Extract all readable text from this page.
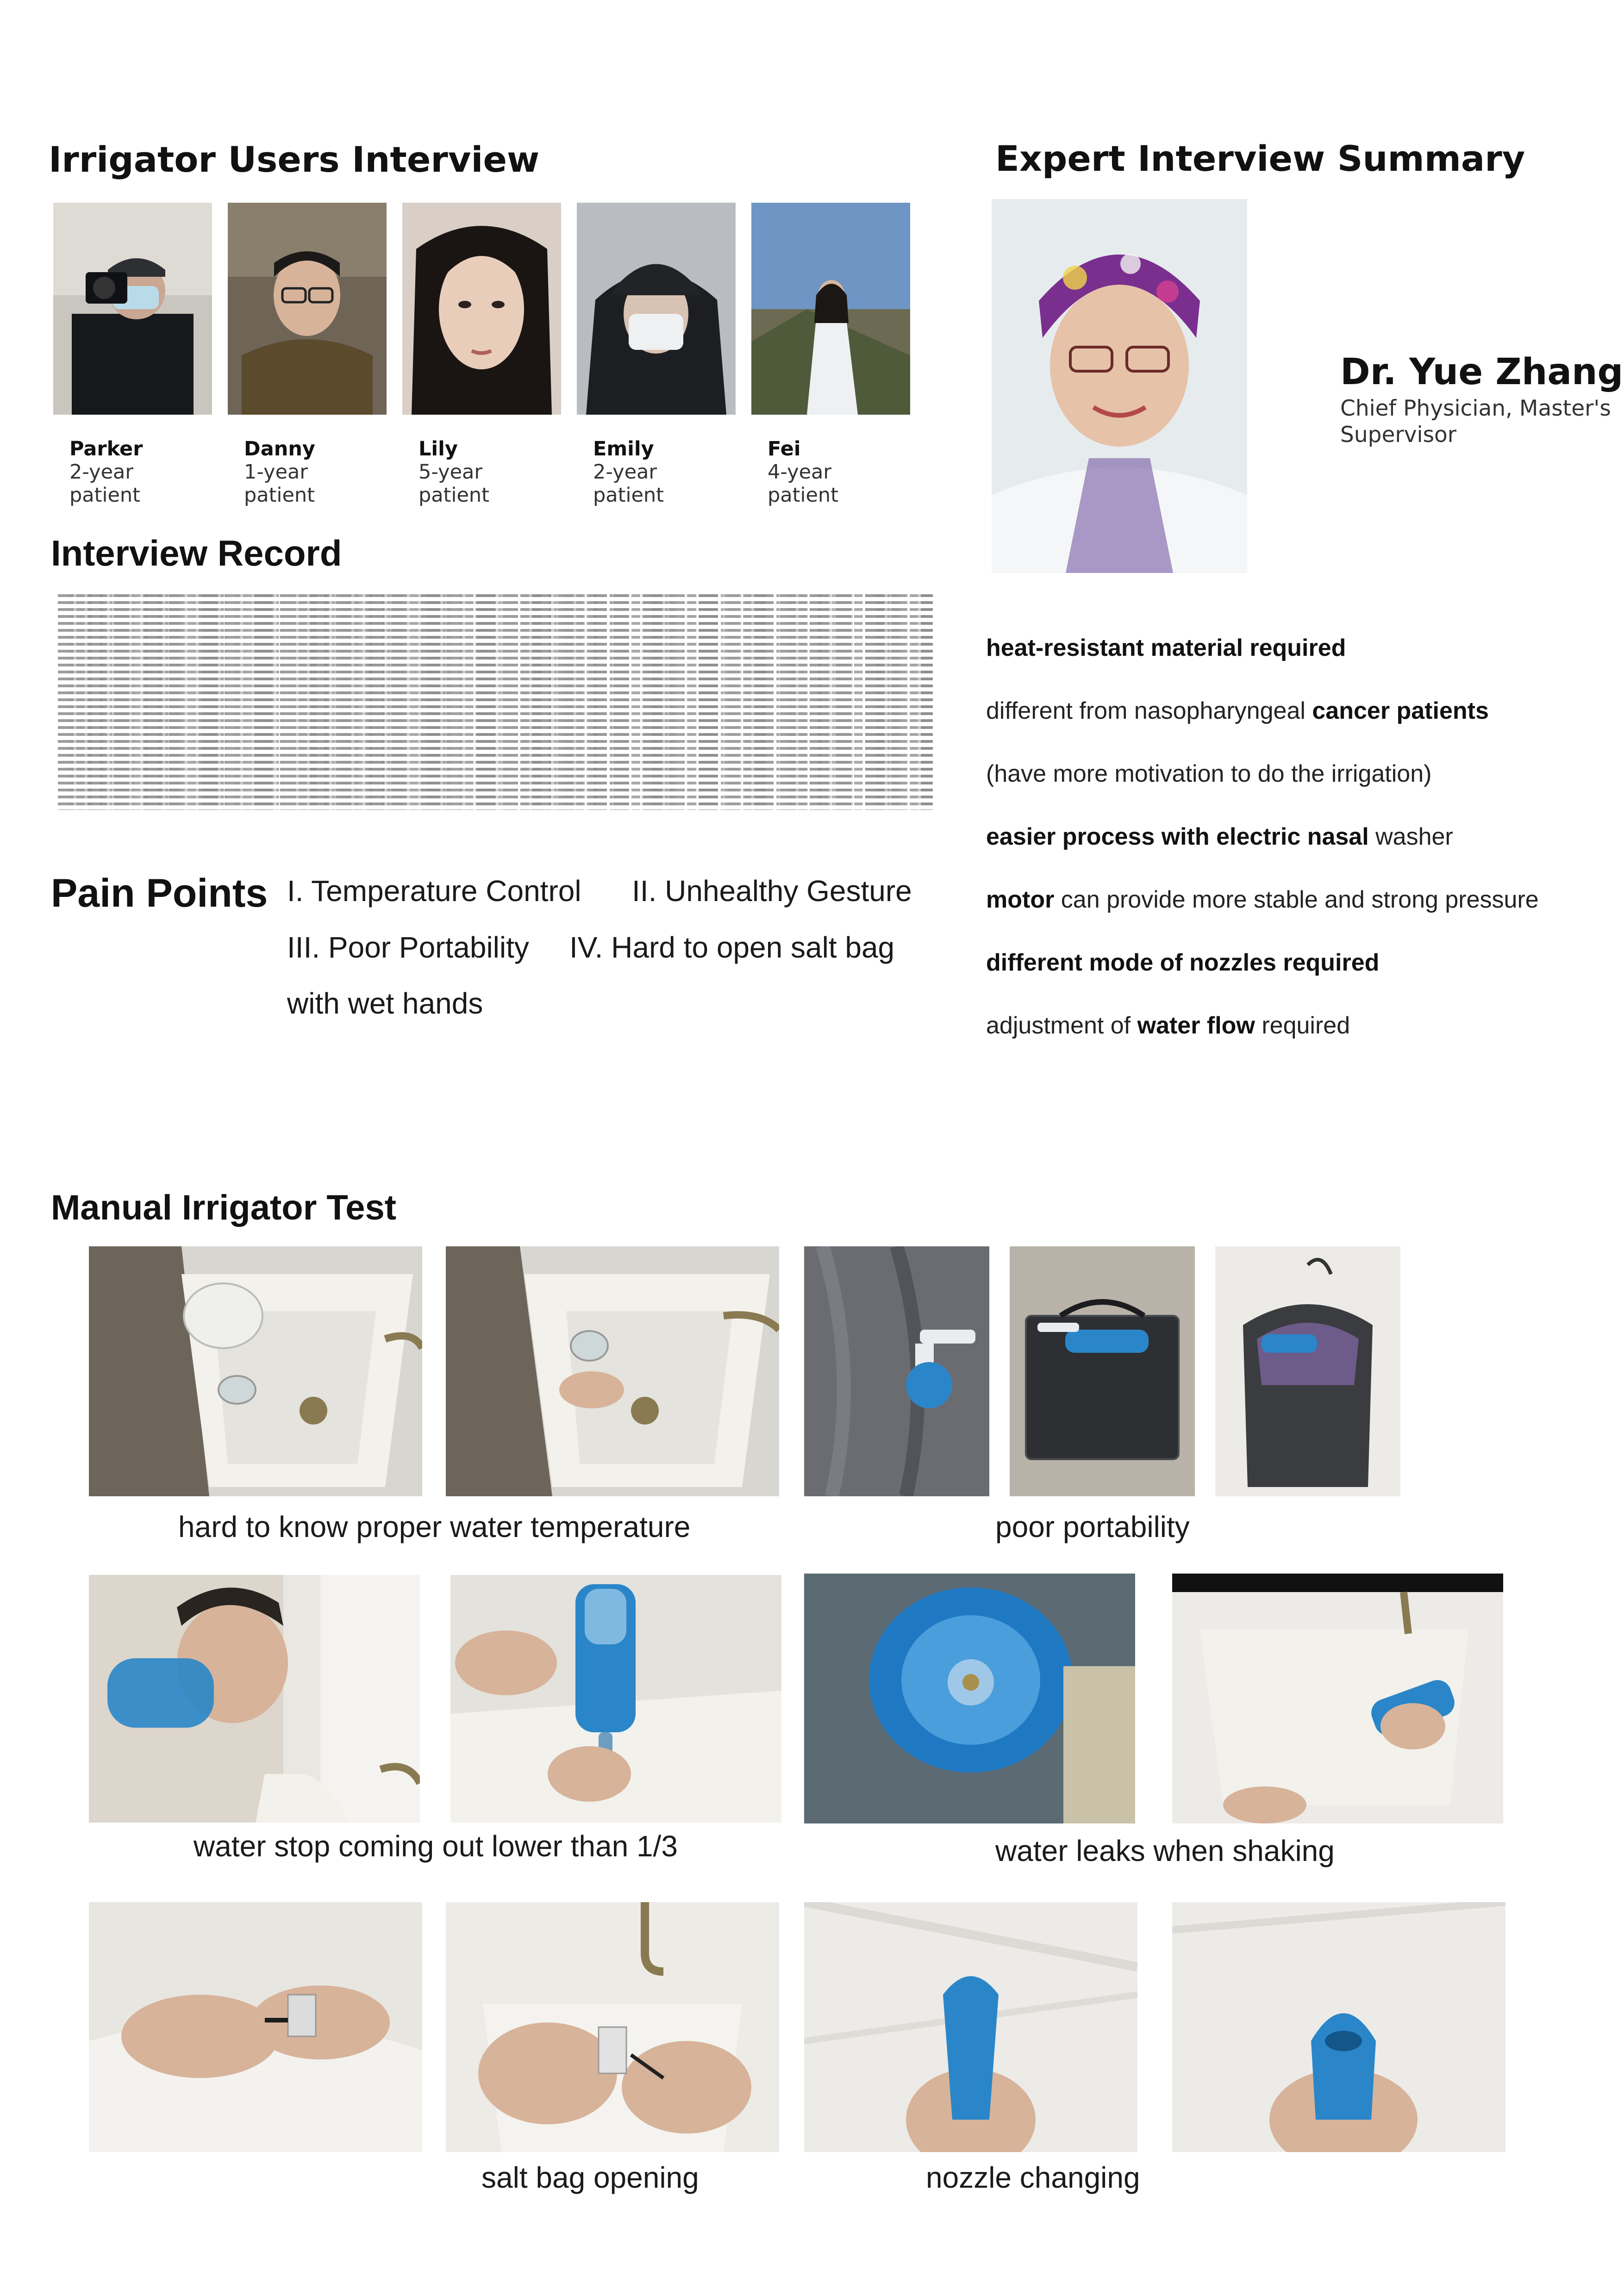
Irrigator Users Interview
Parker
2-year
patient
Danny
1-year
patient
Lily
5-year
patient
Emily
2-year
patient
Fei
4-year
patient
Interview Record
Pain Points I. Temperature Control II. Unhealthy Gesture
III. Poor Portability IV. Hard to open salt bag
with wet hands
Expert Interview Summary
Dr. Yue Zhang
Chief Physician, Master's
Supervisor
heat-resistant material required
different from nasopharyngeal cancer patients
(have more motivation to do the irrigation)
easier process with electric nasal washer
motor can provide more stable and strong pressure
different mode of nozzles required
adjustment of water flow required
Manual Irrigator Test
hard to know proper water temperature	poor portability
water stop coming out lower than 1/3	water leaks when shaking
salt bag opening	nozzle changing
